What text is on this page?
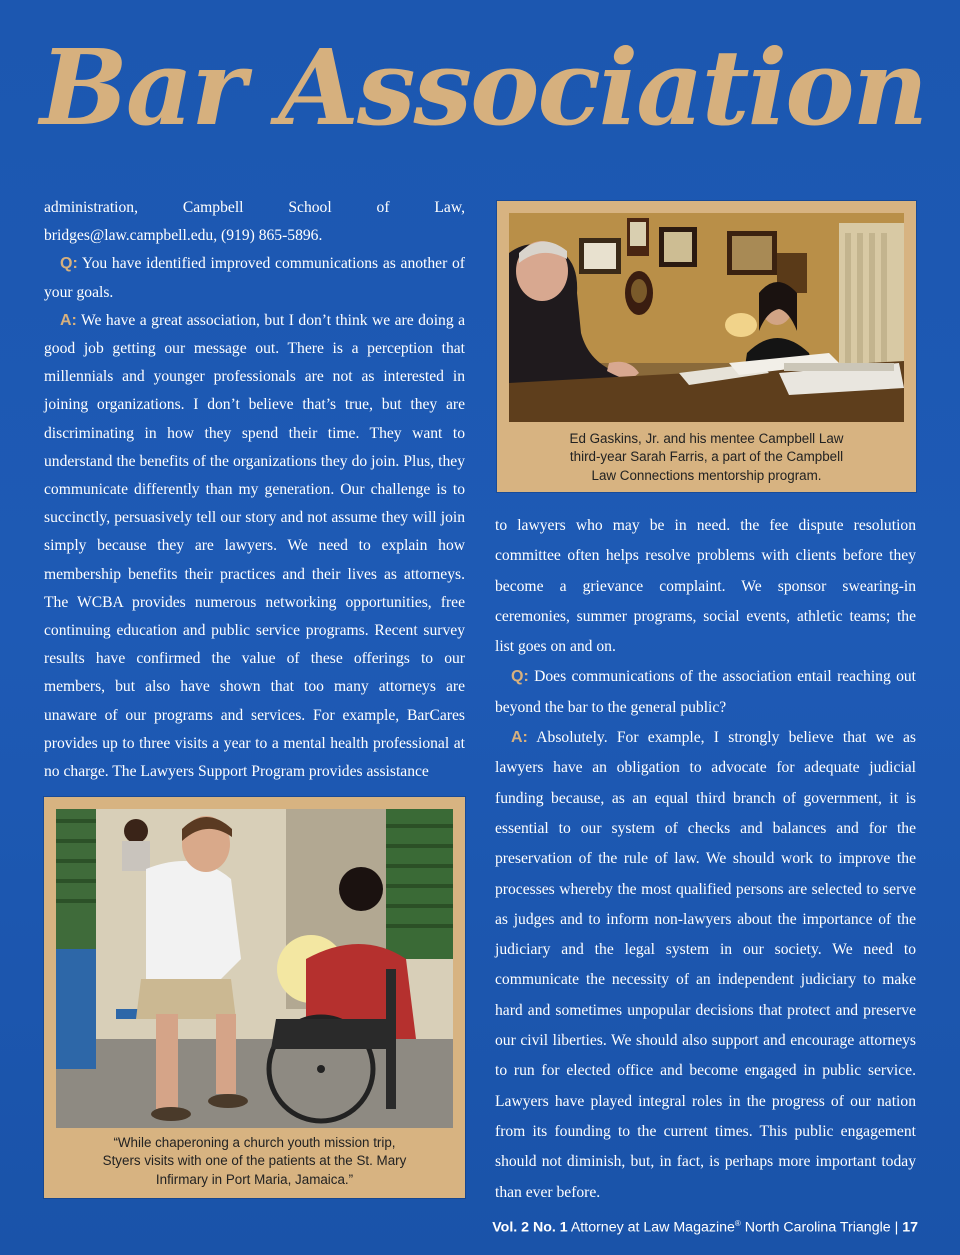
Bar Association

administration, Campbell School of Law, bridges@law.campbell.edu, (919) 865-5896.

Q: You have identified improved communications as another of your goals.

A: We have a great association, but I don’t think we are doing a good job getting our message out. There is a perception that millennials and younger professionals are not as interested in joining organizations. I don’t believe that’s true, but they are discriminating in how they spend their time. They want to understand the benefits of the organizations they do join. Plus, they communicate differently than my generation. Our challenge is to succinctly, persuasively tell our story and not assume they will join simply because they are lawyers. We need to explain how membership benefits their practices and their lives as attorneys. The WCBA provides numerous networking opportunities, free continuing education and public service programs. Recent survey results have confirmed the value of these offerings to our members, but also have shown that too many attorneys are unaware of our programs and services. For example, BarCares provides up to three visits a year to a mental health professional at no charge. The Lawyers Support Program provides assistance

to lawyers who may be in need. the fee dispute resolution committee often helps resolve problems with clients before they become a grievance complaint. We sponsor swearing-in ceremonies, summer programs, social events, athletic teams; the list goes on and on.

Q: Does communications of the association entail reaching out beyond the bar to the general public?

A: Absolutely. For example, I strongly believe that we as lawyers have an obligation to advocate for adequate judicial funding because, as an equal third branch of government, it is essential to our system of checks and balances and for the preservation of the rule of law. We should work to improve the processes whereby the most qualified persons are selected to serve as judges and to inform non-lawyers about the importance of the judiciary and the legal system in our society. We need to communicate the necessity of an independent judiciary to make hard and sometimes unpopular decisions that protect and preserve our civil liberties. We should also support and encourage attorneys to run for elected office and become engaged in public service. Lawyers have played integral roles in the progress of our nation from its founding to the current times. This public engagement should not diminish, but, in fact, is perhaps more important today than ever before.

Ed Gaskins, Jr. and his mentee Campbell Law
third-year Sarah Farris, a part of the Campbell
Law Connections mentorship program.
“While chaperoning a church youth mission trip,
Styers visits with one of the patients at the St. Mary
Infirmary in Port Maria, Jamaica.”
Vol. 2 No. 1 Attorney at Law Magazine® North Carolina Triangle | 17
